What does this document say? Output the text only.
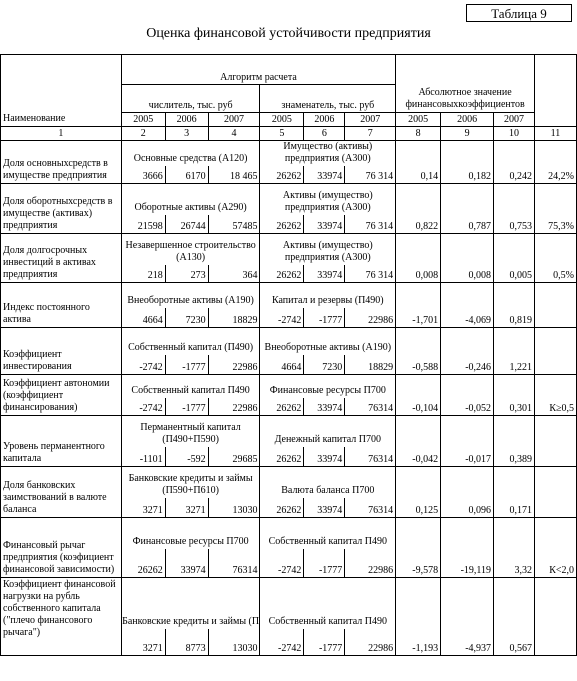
Таблица 9
Оценка финансовой устойчивости предприятия
Наименование	Алгоритм расчета						Абсолютное значение финансовыхкоэффициентов			
	числитель, тыс. руб			знаменатель, тыс. руб						
	2005	2006	2007	2005	2006	2007	2005	2006	2007	
1	2	3	4	5	6	7	8	9	10	11
Доля основныхсредств в имуществе предприятия	Основные средства (А120)			Имущество (активы) предприятия (А300)						
	3666	6170	18 465	26262	33974	76 314	0,14	0,182	0,242	24,2%
Доля оборотныхсредств в имуществе (активах) предприятия	Оборотные активы (А290)			Активы (имущество) предприятия (А300)						
	21598	26744	57485	26262	33974	76 314	0,822	0,787	0,753	75,3%
Доля долгосрочных инвестиций в активах предприятия	Незавершенное строительство (А130)			Активы (имущество) предприятия (А300)						
	218	273	364	26262	33974	76 314	0,008	0,008	0,005	0,5%
Индекс постоянного актива	Внеоборотные активы (А190)			Капитал и резервы (П490)						
	4664	7230	18829	-2742	-1777	22986	-1,701	-4,069	0,819	
Коэффициент инвестирования	Собственный капитал (П490)			Внеоборотные активы (А190)						
	-2742	-1777	22986	4664	7230	18829	-0,588	-0,246	1,221	
Коэффициент автономии (коэффициент финансирования)	Собственный капитал П490			Финансовые ресурсы П700						
	-2742	-1777	22986	26262	33974	76314	-0,104	-0,052	0,301	К≥0,5
Уровень перманентного капитала	Перманентный капитал (П490+П590)			Денежный капитал П700						
	-1101	-592	29685	26262	33974	76314	-0,042	-0,017	0,389	
Доля банковских заимствований в валюте баланса	Банковские кредиты и займы (П590+П610)			Валюта баланса П700						
	3271	3271	13030	26262	33974	76314	0,125	0,096	0,171	
Финансовый рычаг предприятия (коэфициент финансовой зависимости)	Финансовые ресурсы П700			Собственный капитал П490						
	26262	33974	76314	-2742	-1777	22986	-9,578	-19,119	3,32	К<2,0
Коэффициент финансовой нагрузки на рубль собственного капитала ("плечо финансового рычага")	Банковские кредиты и займы (П			Собственный капитал П490						
	3271	8773	13030	-2742	-1777	22986	-1,193	-4,937	0,567	
